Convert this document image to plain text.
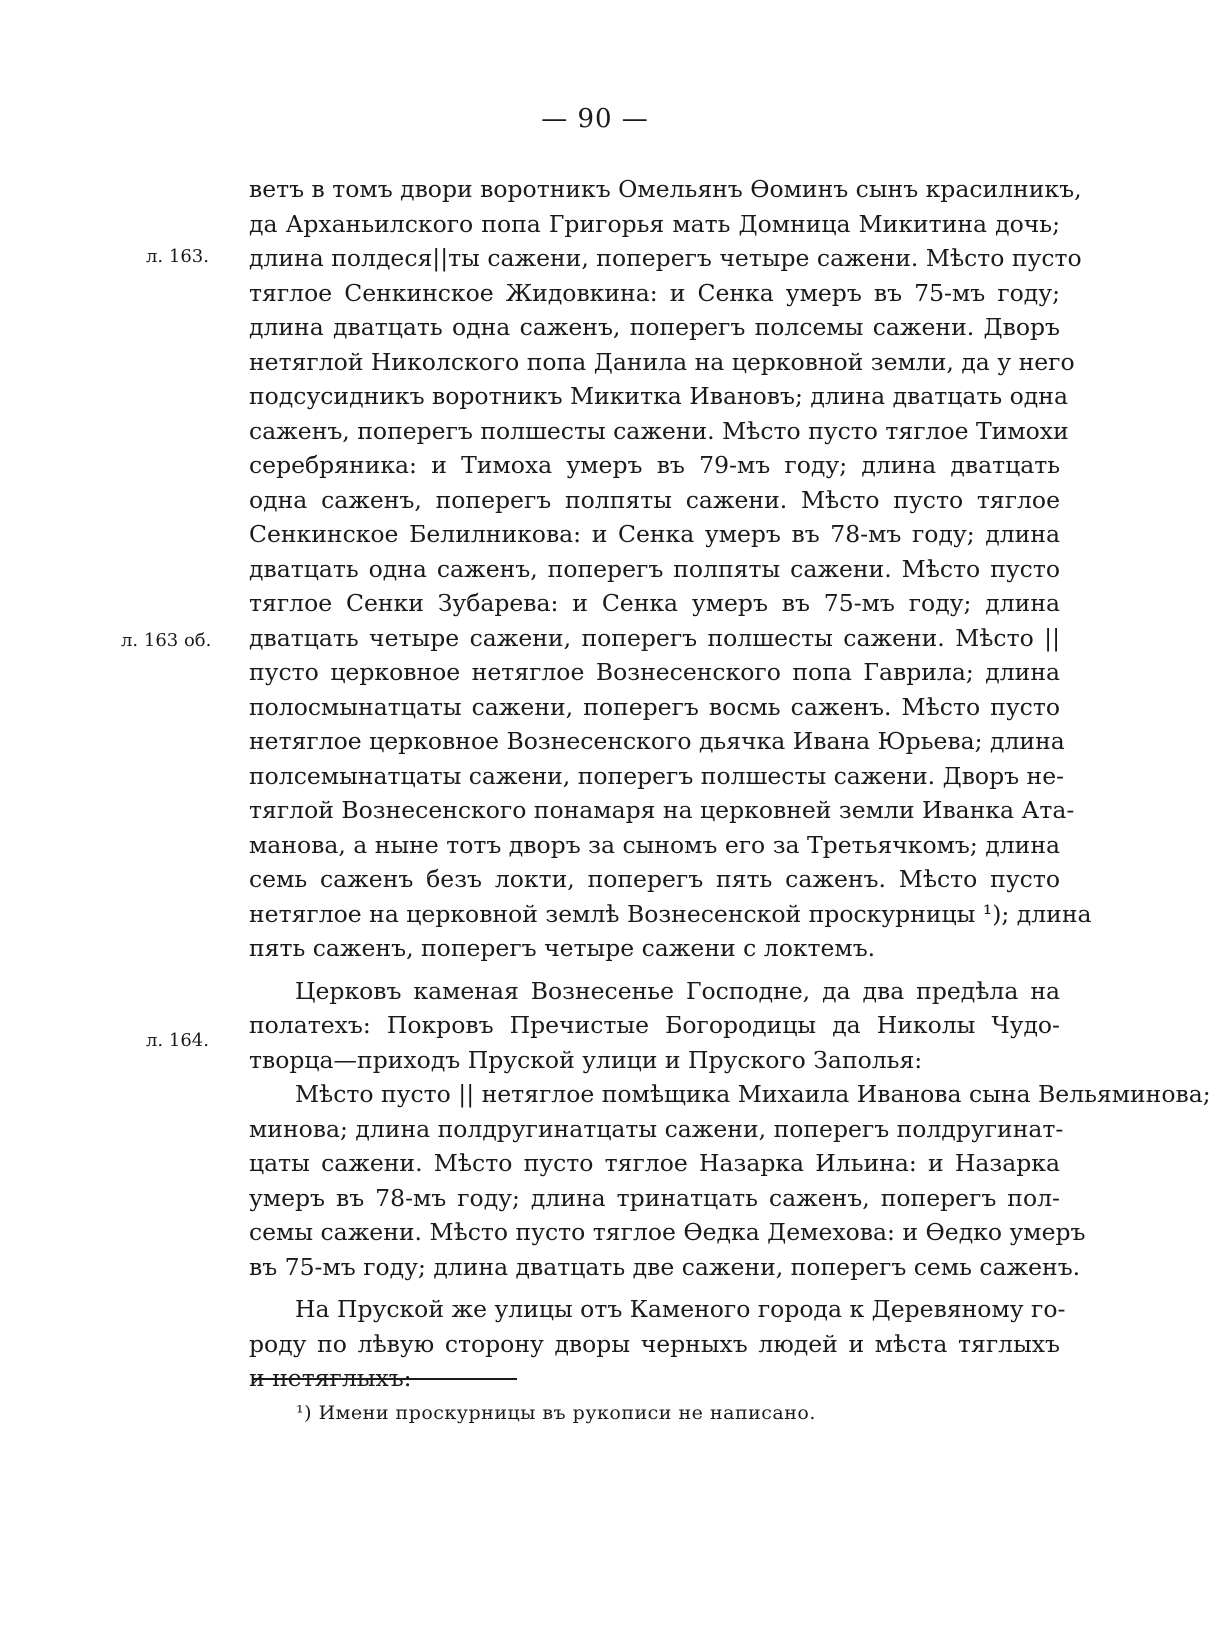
— 90 —
л. 163.
л. 163 об.
л. 164.
ветъ в томъ двори воротникъ Омельянъ Ѳоминъ сынъ красилникъ,
да Арханьилского попа Григорья мать Домница Микитина дочь;
длина полдеся||ты сажени, поперегъ четыре сажени. Мѣсто пусто
тяглое Сенкинское Жидовкина: и Сенка умеръ въ 75-мъ году;
длина дватцать одна саженъ, поперегъ полсемы сажени. Дворъ
нетяглой Николского попа Данила на церковной земли, да у него
подсусидникъ воротникъ Микитка Ивановъ; длина дватцать одна
саженъ, поперегъ полшесты сажени. Мѣсто пусто тяглое Тимохи
серебряника: и Тимоха умеръ въ 79-мъ году; длина дватцать
одна саженъ, поперегъ полпяты сажени. Мѣсто пусто тяглое
Сенкинское Белилникова: и Сенка умеръ въ 78-мъ году; длина
дватцать одна саженъ, поперегъ полпяты сажени. Мѣсто пусто
тяглое Сенки Зубарева: и Сенка умеръ въ 75-мъ году; длина
дватцать четыре сажени, поперегъ полшесты сажени. Мѣсто ||
пусто церковное нетяглое Вознесенского попа Гаврила; длина
полосмынатцаты сажени, поперегъ восмь саженъ. Мѣсто пусто
нетяглое церковное Вознесенского дьячка Ивана Юрьева; длина
полсемынатцаты сажени, поперегъ полшесты сажени. Дворъ не-
тяглой Вознесенского понамаря на церковней земли Иванка Ата-
манова, а ныне тотъ дворъ за сыномъ его за Третьячкомъ; длина
семь саженъ безъ локти, поперегъ пять саженъ. Мѣсто пусто
нетяглое на церковной землѣ Вознесенской проскурницы ¹); длина
пять саженъ, поперегъ четыре сажени с локтемъ.
Церковъ каменая Вознесенье Господне, да два предѣла на
полатехъ: Покровъ Пречистые Богородицы да Николы Чудо-
творца—приходъ Пруской улици и Пруского Заполья:
Мѣсто пусто || нетяглое помѣщика Михаила Иванова сына Вельяминова;
минова; длина полдругинатцаты сажени, поперегъ полдругинат-
цаты сажени. Мѣсто пусто тяглое Назарка Ильина: и Назарка
умеръ въ 78-мъ году; длина тринатцать саженъ, поперегъ пол-
семы сажени. Мѣсто пусто тяглое Ѳедка Демехова: и Ѳедко умеръ
въ 75-мъ году; длина дватцать две сажени, поперегъ семь саженъ.
На Пруской же улицы отъ Каменого города к Деревяному го-
роду по лѣвую сторону дворы черныхъ людей и мѣста тяглыхъ
и нетяглыхъ:
¹) Имени проскурницы въ рукописи не написано.
